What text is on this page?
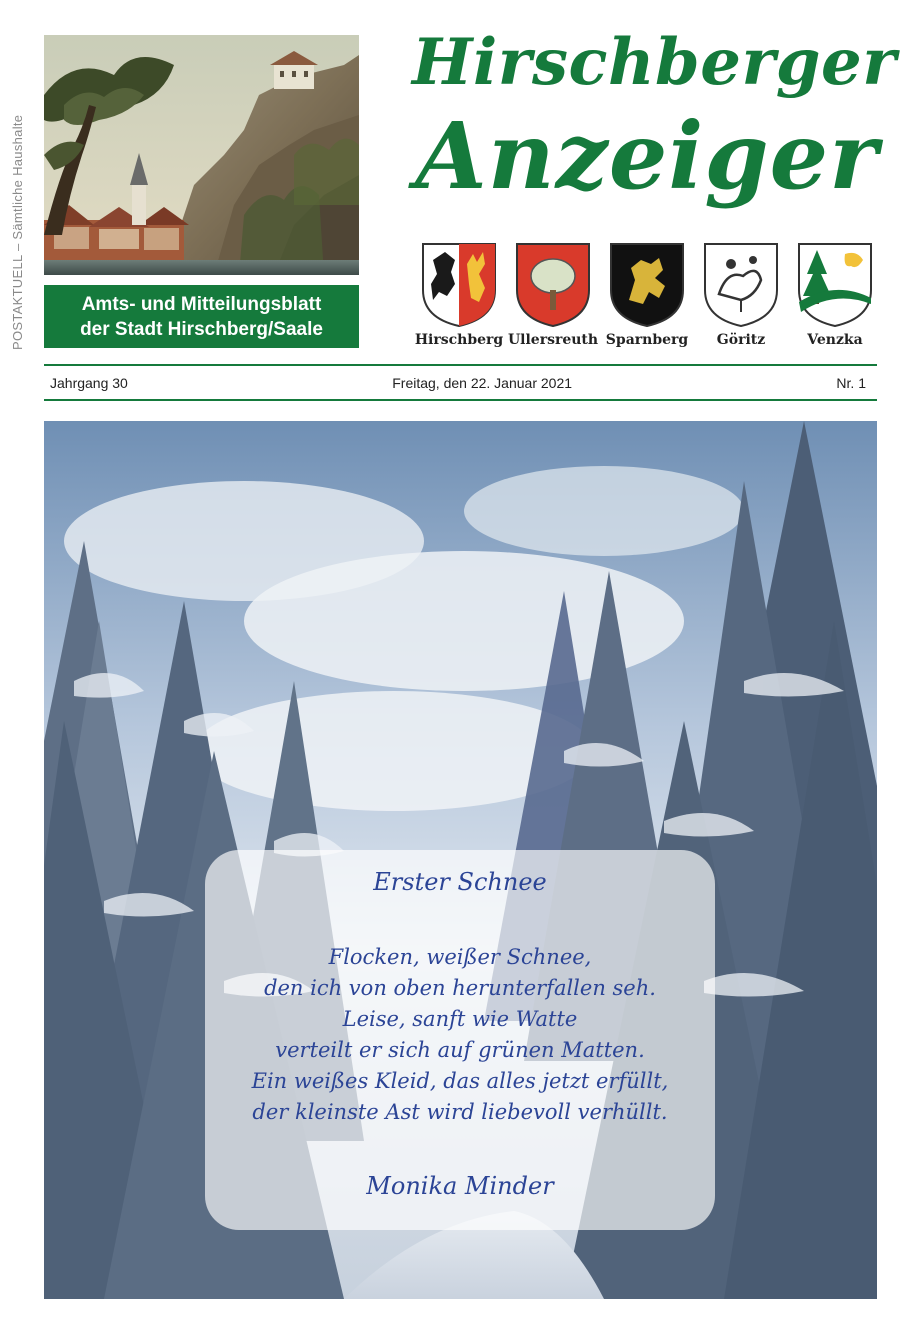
POSTAKTUELL – Sämtliche Haushalte	Amts- und Mitteilungsblatt
der Stadt Hirschberg/Saale
Hirschberger
Anzeiger
Hirschberg Ullersreuth Sparnberg Göritz	Venzka
Jahrgang 30	Freitag, den 22. Januar 2021	Nr. 1
Erster Schnee
Flocken, weißer Schnee,
den ich von oben herunterfallen seh.
Leise, sanft wie Watte
verteilt er sich auf grünen Matten.
Ein weißes Kleid, das alles jetzt erfüllt,
der kleinste Ast wird liebevoll verhüllt.
Monika Minder
